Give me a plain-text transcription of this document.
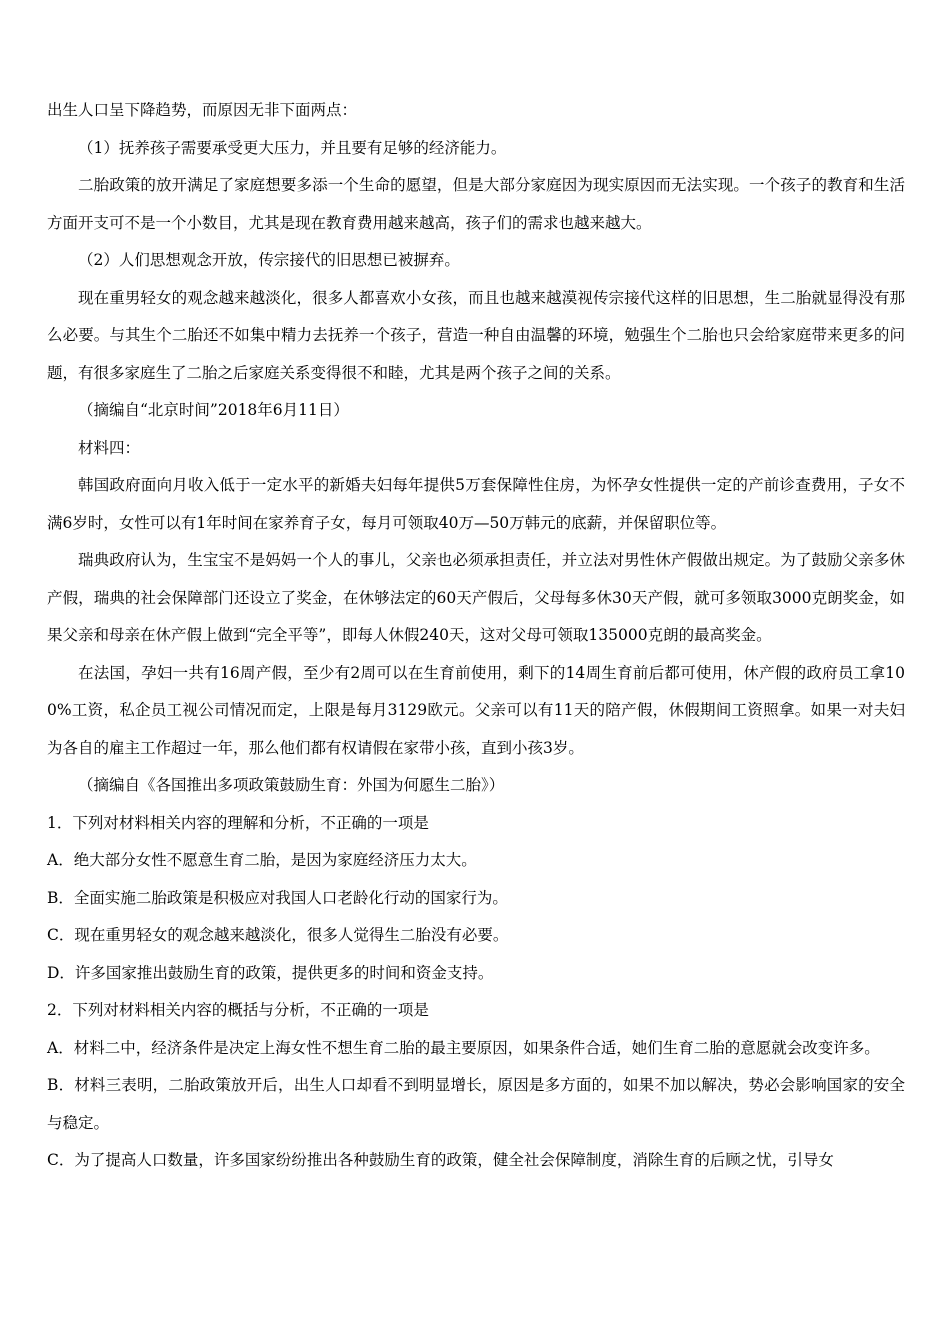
出生人口呈下降趋势，而原因无非下面两点：

（1）抚养孩子需要承受更大压力，并且要有足够的经济能力。

二胎政策的放开满足了家庭想要多添一个生命的愿望，但是大部分家庭因为现实原因而无法实现。一个孩子的教育和生活方面开支可不是一个小数目，尤其是现在教育费用越来越高，孩子们的需求也越来越大。

（2）人们思想观念开放，传宗接代的旧思想已被摒弃。

现在重男轻女的观念越来越淡化，很多人都喜欢小女孩，而且也越来越漠视传宗接代这样的旧思想，生二胎就显得没有那么必要。与其生个二胎还不如集中精力去抚养一个孩子，营造一种自由温馨的环境，勉强生个二胎也只会给家庭带来更多的问题，有很多家庭生了二胎之后家庭关系变得很不和睦，尤其是两个孩子之间的关系。

（摘编自“北京时间”2018年6月11日）

材料四：

韩国政府面向月收入低于一定水平的新婚夫妇每年提供5万套保障性住房，为怀孕女性提供一定的产前诊查费用，子女不满6岁时，女性可以有1年时间在家养育子女，每月可领取40万—50万韩元的底薪，并保留职位等。

瑞典政府认为，生宝宝不是妈妈一个人的事儿，父亲也必须承担责任，并立法对男性休产假做出规定。为了鼓励父亲多休产假，瑞典的社会保障部门还设立了奖金，在休够法定的60天产假后，父母每多休30天产假，就可多领取3000克朗奖金，如果父亲和母亲在休产假上做到“完全平等”，即每人休假240天，这对父母可领取135000克朗的最高奖金。

在法国，孕妇一共有16周产假，至少有2周可以在生育前使用，剩下的14周生育前后都可使用，休产假的政府员工拿100%工资，私企员工视公司情况而定，上限是每月3129欧元。父亲可以有11天的陪产假，休假期间工资照拿。如果一对夫妇为各自的雇主工作超过一年，那么他们都有权请假在家带小孩，直到小孩3岁。

（摘编自《各国推出多项政策鼓励生育：外国为何愿生二胎》）

1．下列对材料相关内容的理解和分析，不正确的一项是

A．绝大部分女性不愿意生育二胎，是因为家庭经济压力太大。

B．全面实施二胎政策是积极应对我国人口老龄化行动的国家行为。

C．现在重男轻女的观念越来越淡化，很多人觉得生二胎没有必要。

D．许多国家推出鼓励生育的政策，提供更多的时间和资金支持。

2．下列对材料相关内容的概括与分析，不正确的一项是

A．材料二中，经济条件是决定上海女性不想生育二胎的最主要原因，如果条件合适，她们生育二胎的意愿就会改变许多。

B．材料三表明，二胎政策放开后，出生人口却看不到明显增长，原因是多方面的，如果不加以解决，势必会影响国家的安全与稳定。

C．为了提高人口数量，许多国家纷纷推出各种鼓励生育的政策，健全社会保障制度，消除生育的后顾之忧，引导女
